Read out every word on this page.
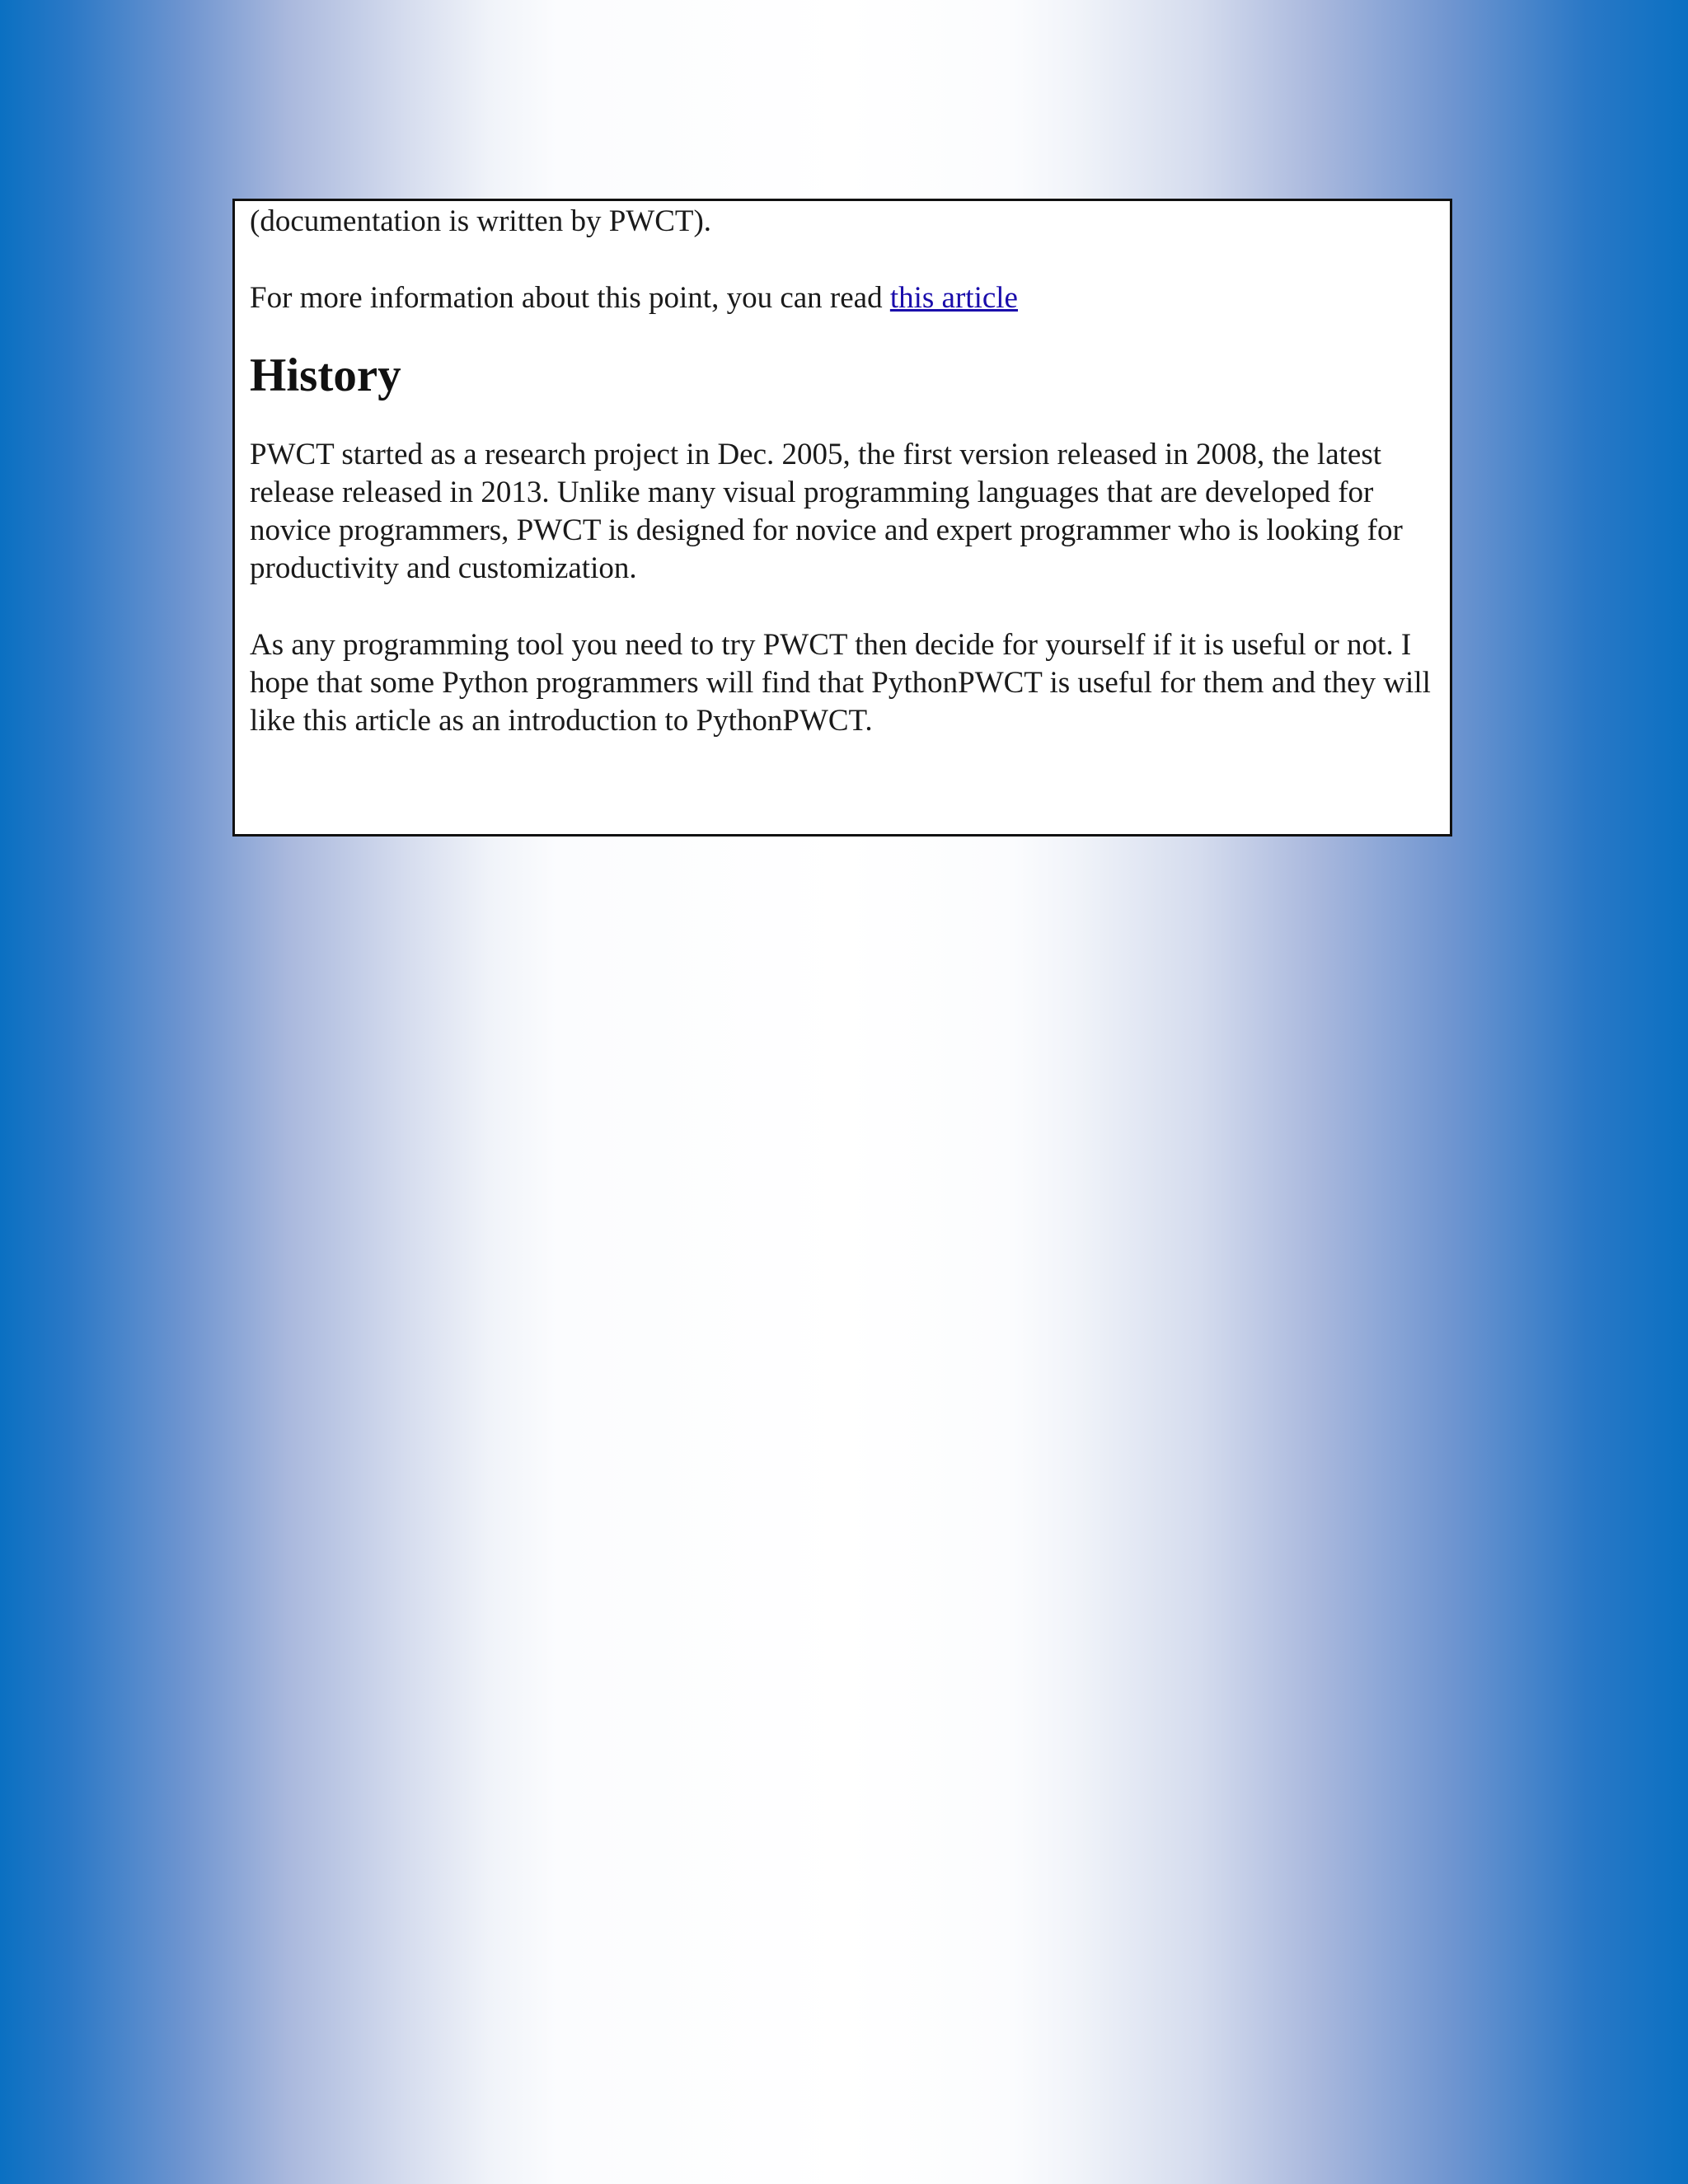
(documentation is written by PWCT).

For more information about this point, you can read this article

History

PWCT started as a research project in Dec. 2005, the first version released in 2008, the latest release released in 2013. Unlike many visual programming languages that are developed for novice programmers, PWCT is designed for novice and expert programmer who is looking for productivity and customization.

As any programming tool you need to try PWCT then decide for yourself if it is useful or not. I hope that some Python programmers will find that PythonPWCT is useful for them and they will like this article as an introduction to PythonPWCT.
